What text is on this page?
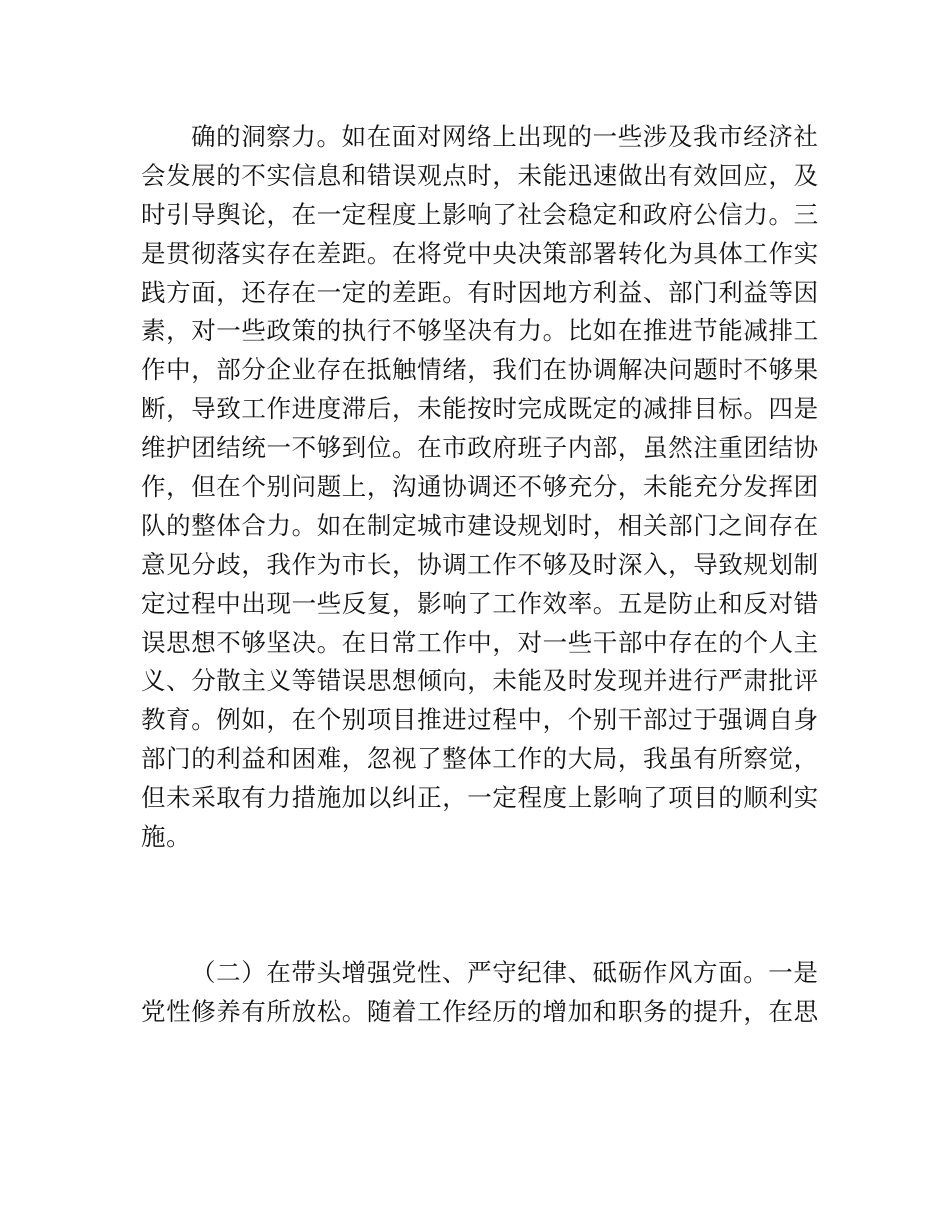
确的洞察力。如在面对网络上出现的一些涉及我市经济社
会发展的不实信息和错误观点时，未能迅速做出有效回应，及
时引导舆论，在一定程度上影响了社会稳定和政府公信力。三
是贯彻落实存在差距。在将党中央决策部署转化为具体工作实
践方面，还存在一定的差距。有时因地方利益、部门利益等因
素，对一些政策的执行不够坚决有力。比如在推进节能减排工
作中，部分企业存在抵触情绪，我们在协调解决问题时不够果
断，导致工作进度滞后，未能按时完成既定的减排目标。四是
维护团结统一不够到位。在市政府班子内部，虽然注重团结协
作，但在个别问题上，沟通协调还不够充分，未能充分发挥团
队的整体合力。如在制定城市建设规划时，相关部门之间存在
意见分歧，我作为市长，协调工作不够及时深入，导致规划制
定过程中出现一些反复，影响了工作效率。五是防止和反对错
误思想不够坚决。在日常工作中，对一些干部中存在的个人主
义、分散主义等错误思想倾向，未能及时发现并进行严肃批评
教育。例如，在个别项目推进过程中，个别干部过于强调自身
部门的利益和困难，忽视了整体工作的大局，我虽有所察觉，
但未采取有力措施加以纠正，一定程度上影响了项目的顺利实
施。
（二）在带头增强党性、严守纪律、砥砺作风方面。一是
党性修养有所放松。随着工作经历的增加和职务的提升，在思
